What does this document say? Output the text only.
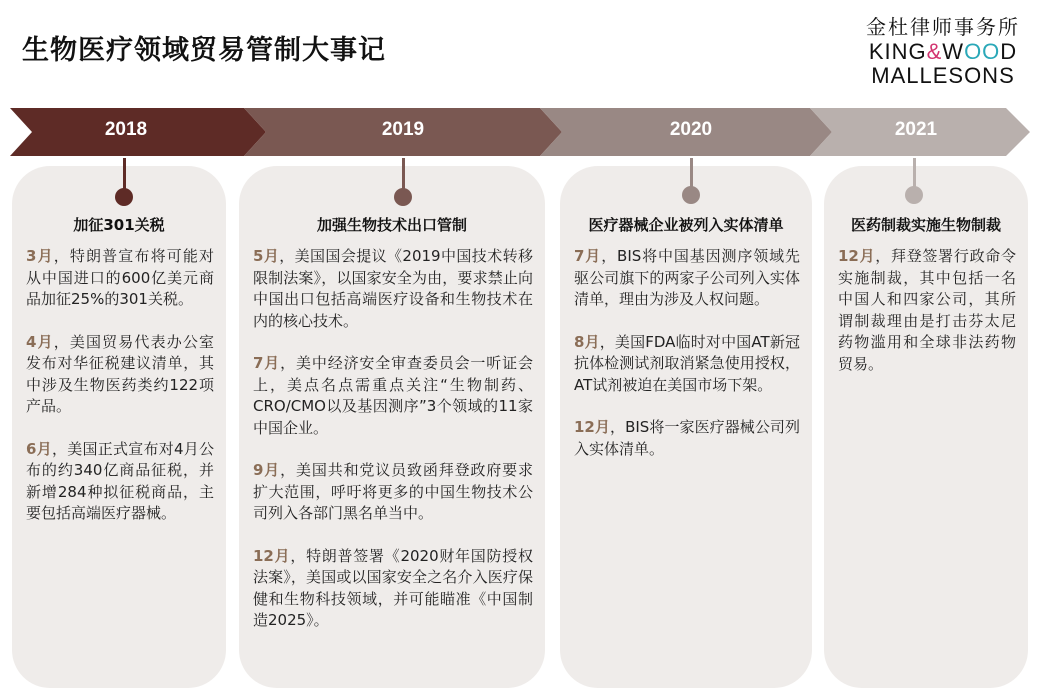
生物医疗领域贸易管制大事记
金杜律师事务所
KING&WOOD
MALLESONS
2018	2019	2020	2021
加征301关税

3月，特朗普宣布将可能对从中国进口的600亿美元商品加征25%的301关税。

4月，美国贸易代表办公室发布对华征税建议清单，其中涉及生物医药类约122项产品。

6月，美国正式宣布对4月公布的约340亿商品征税，并新增284种拟征税商品，主要包括高端医疗器械。

加强生物技术出口管制

5月，美国国会提议《2019中国技术转移限制法案》，以国家安全为由，要求禁止向中国出口包括高端医疗设备和生物技术在内的核心技术。

7月，美中经济安全审查委员会一听证会上，美点名点需重点关注“生物制药、CRO/CMO以及基因测序”3个领域的11家中国企业。

9月，美国共和党议员致函拜登政府要求扩大范围，呼吁将更多的中国生物技术公司列入各部门黑名单当中。

12月，特朗普签署《2020财年国防授权法案》，美国或以国家安全之名介入医疗保健和生物科技领域，并可能瞄准《中国制造2025》。

医疗器械企业被列入实体清单

7月，BIS将中国基因测序领域先驱公司旗下的两家子公司列入实体清单，理由为涉及人权问题。

8月，美国FDA临时对中国AT新冠抗体检测试剂取消紧急使用授权，AT试剂被迫在美国市场下架。

12月，BIS将一家医疗器械公司列入实体清单。

医药制裁实施生物制裁

12月，拜登签署行政命令实施制裁，其中包括一名中国人和四家公司，其所谓制裁理由是打击芬太尼药物滥用和全球非法药物贸易。
